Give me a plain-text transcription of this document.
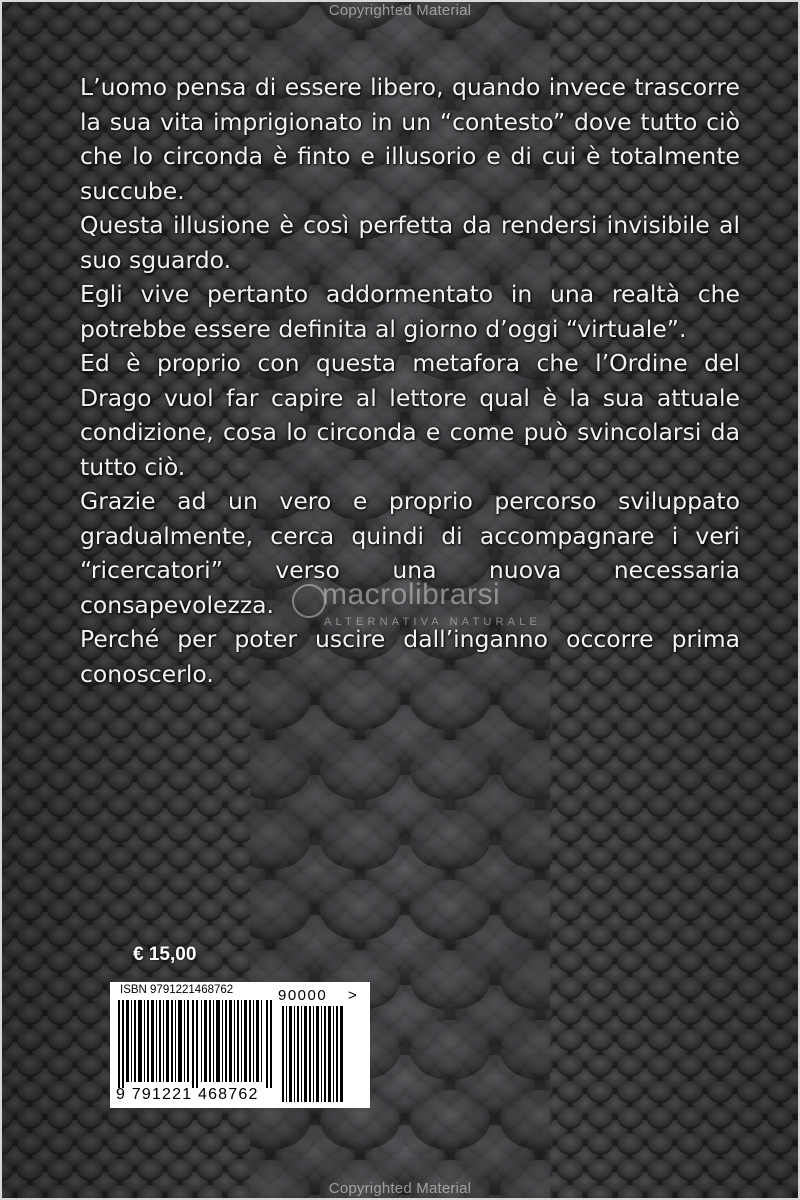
Copyrighted Material

L’uomo pensa di essere libero, quando invece trascorre la sua vita imprigionato in un “contesto” dove tutto ciò che lo circonda è finto e illusorio e di cui è totalmente succube.

Questa illusione è così perfetta da rendersi invisibile al suo sguardo.

Egli vive pertanto addormentato in una realtà che potrebbe essere definita al giorno d’oggi “virtuale”.

Ed è proprio con questa metafora che l’Ordine del Drago vuol far capire al lettore qual è la sua attuale condizione, cosa lo circonda e come può svincolarsi da tutto ciò.

Grazie ad un vero e proprio percorso sviluppato gradualmente, cerca quindi di accompagnare i veri “ricercatori” verso una nuova necessaria consapevolezza.

Perché per poter uscire dall’inganno occorre prima conoscerlo.

macrolibrarsi
ALTERNATIVA NATURALE
€ 15,00
ISBN 9791221468762
9 791221 468762
90000 >
Copyrighted Material
